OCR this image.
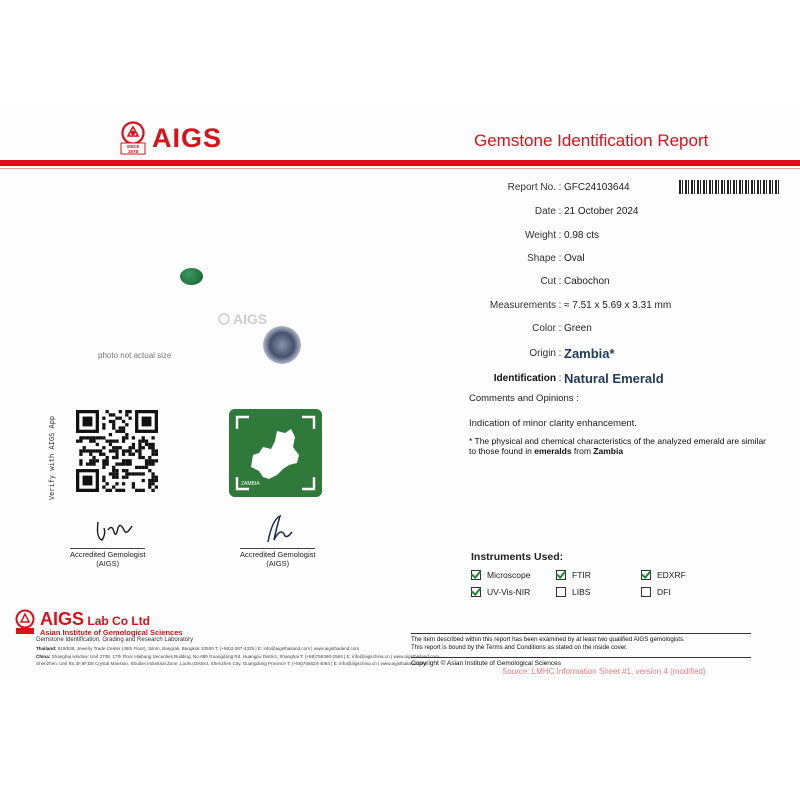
SINCE
1978 AIGS	Gemstone Identification Report
Report No. : GFC24103644
Date : 21 October 2024
Weight : 0.98 cts
Shape : Oval
Cut : Cabochon
Measurements : ≈ 7.51 x 5.69 x 3.31 mm
Color : Green
Origin : Zambia*
Identification : Natural Emerald
Comments and Opinions :
Indication of minor clarity enhancement.
* The physical and chemical characteristics of the analyzed emerald are similar to those found in emeralds from Zambia
AIGS
photo not actual size
Verify with AIGS App	ZAMBIA
Accredited Gemologist
(AIGS)
Accredited Gemologist
(AIGS)
Instruments Used:
Microscope	FTIR	EDXRF
UV-Vis-NIR	LIBS	DFI
AIGS Lab Co Ltd
Asian Institute of Gemological Sciences
Gemstone Identification, Grading and Research Laboratory
Thailand: 919/539, Jewelry Trade Center (46th Floor), Silom, Bangrak, Bangkok 10500 T: (+66)2-267-4325 | E: info@aigsthailand.com | www.aigsthailand.com
China: Shanghai window: Unit 2708, 17th Floor Haibang Securities Building, No.689 Guangdong Rd, Huangpu District, Shanghai T: (+86)756390-2564 | E: info@aigschina.cn | www.aigsthailand.com
Shenzhen: Unit 9S,4F,6F,D8 Crystal Mansion, Shuibei Industrial Zone, Luohu District, Shenzhen City, Guangdong Province T: (+86)755624-4094 | E: info@aigschina.cn | www.aigsthailand.com
The item described within this report has been examined by at least two qualified AIGS gemologists.
This report is bound by the Terms and Conditions as stated on the inside cover.
Copyright © Asian Institute of Gemological Sciences
Source: LMHC Information Sheet #1, version 4 (modified)
